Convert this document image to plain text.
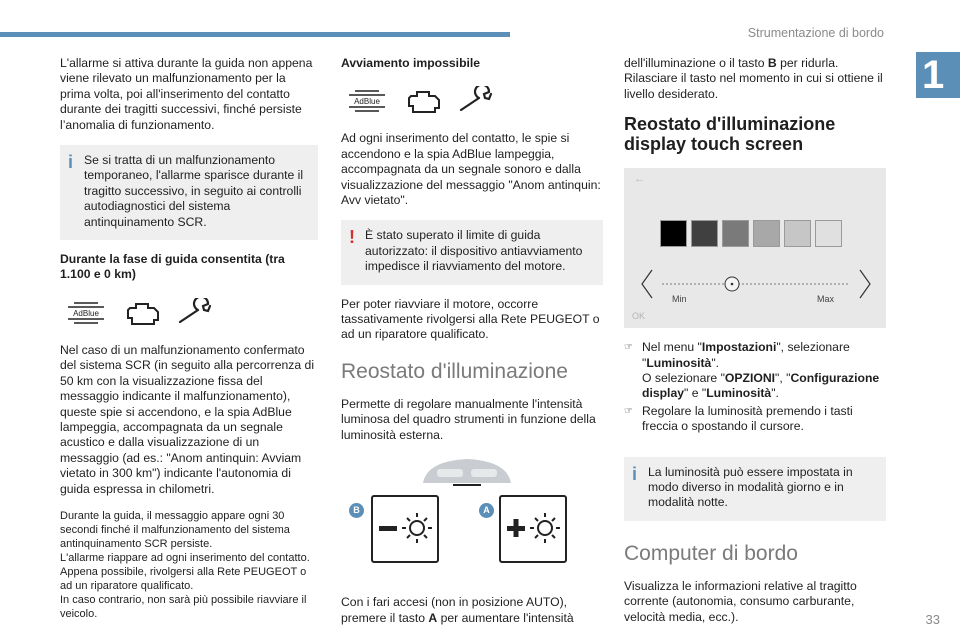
Strumentazione di bordo
1
33

L'allarme si attiva durante la guida non appena viene rilevato un malfunzionamento per la prima volta, poi all'inserimento del contatto durante dei tragitti successivi, finché persiste l’anomalia di funzionamento.

i Se si tratta di un malfunzionamento temporaneo, l'allarme sparisce durante il tragitto successivo, in seguito ai controlli autodiagnostici del sistema antinquinamento SCR.

Durante la fase di guida consentita (tra 1.100 e 0 km)

AdBlue

Nel caso di un malfunzionamento confermato del sistema SCR (in seguito alla percorrenza di 50 km con la visualizzazione fissa del messaggio indicante il malfunzionamento), queste spie si accendono, e la spia AdBlue lampeggia, accompagnata da un segnale acustico e dalla visualizzazione di un messaggio (ad es.: "Anom antinquin: Avviam vietato in 300 km") indicante l'autonomia di guida espressa in chilometri.

Durante la guida, il messaggio appare ogni 30 secondi finché il malfunzionamento del sistema antinquinamento SCR persiste.

L'allarme riappare ad ogni inserimento del contatto.

Appena possibile, rivolgersi alla Rete PEUGEOT o ad un riparatore qualificato.

In caso contrario, non sarà più possibile riavviare il veicolo.

Avviamento impossibile

AdBlue

Ad ogni inserimento del contatto, le spie si accendono e la spia AdBlue lampeggia, accompagnata da un segnale sonoro e dalla visualizzazione del messaggio "Anom antinquin: Avv vietato".

! È stato superato il limite di guida autorizzato: il dispositivo antiavviamento impedisce il riavviamento del motore.

Per poter riavviare il motore, occorre tassativamente rivolgersi alla Rete PEUGEOT o ad un riparatore qualificato.

Reostato d'illuminazione

Permette di regolare manualmente l'intensità luminosa del quadro strumenti in funzione della luminosità esterna.

B	A

Con i fari accesi (non in posizione AUTO), premere il tasto A per aumentare l'intensità

dell'illuminazione o il tasto B per ridurla. Rilasciare il tasto nel momento in cui si ottiene il livello desiderato.

Reostato d'illuminazione display touch screen
←
Min	Max
OK
☞ Nel menu "Impostazioni", selezionare "Luminosità".
O selezionare "OPZIONI", "Configurazione display" e "Luminosità".
☞ Regolare la luminosità premendo i tasti freccia o spostando il cursore.
i La luminosità può essere impostata in modo diverso in modalità giorno e in modalità notte.
Computer di bordo

Visualizza le informazioni relative al tragitto corrente (autonomia, consumo carburante, velocità media, ecc.).
